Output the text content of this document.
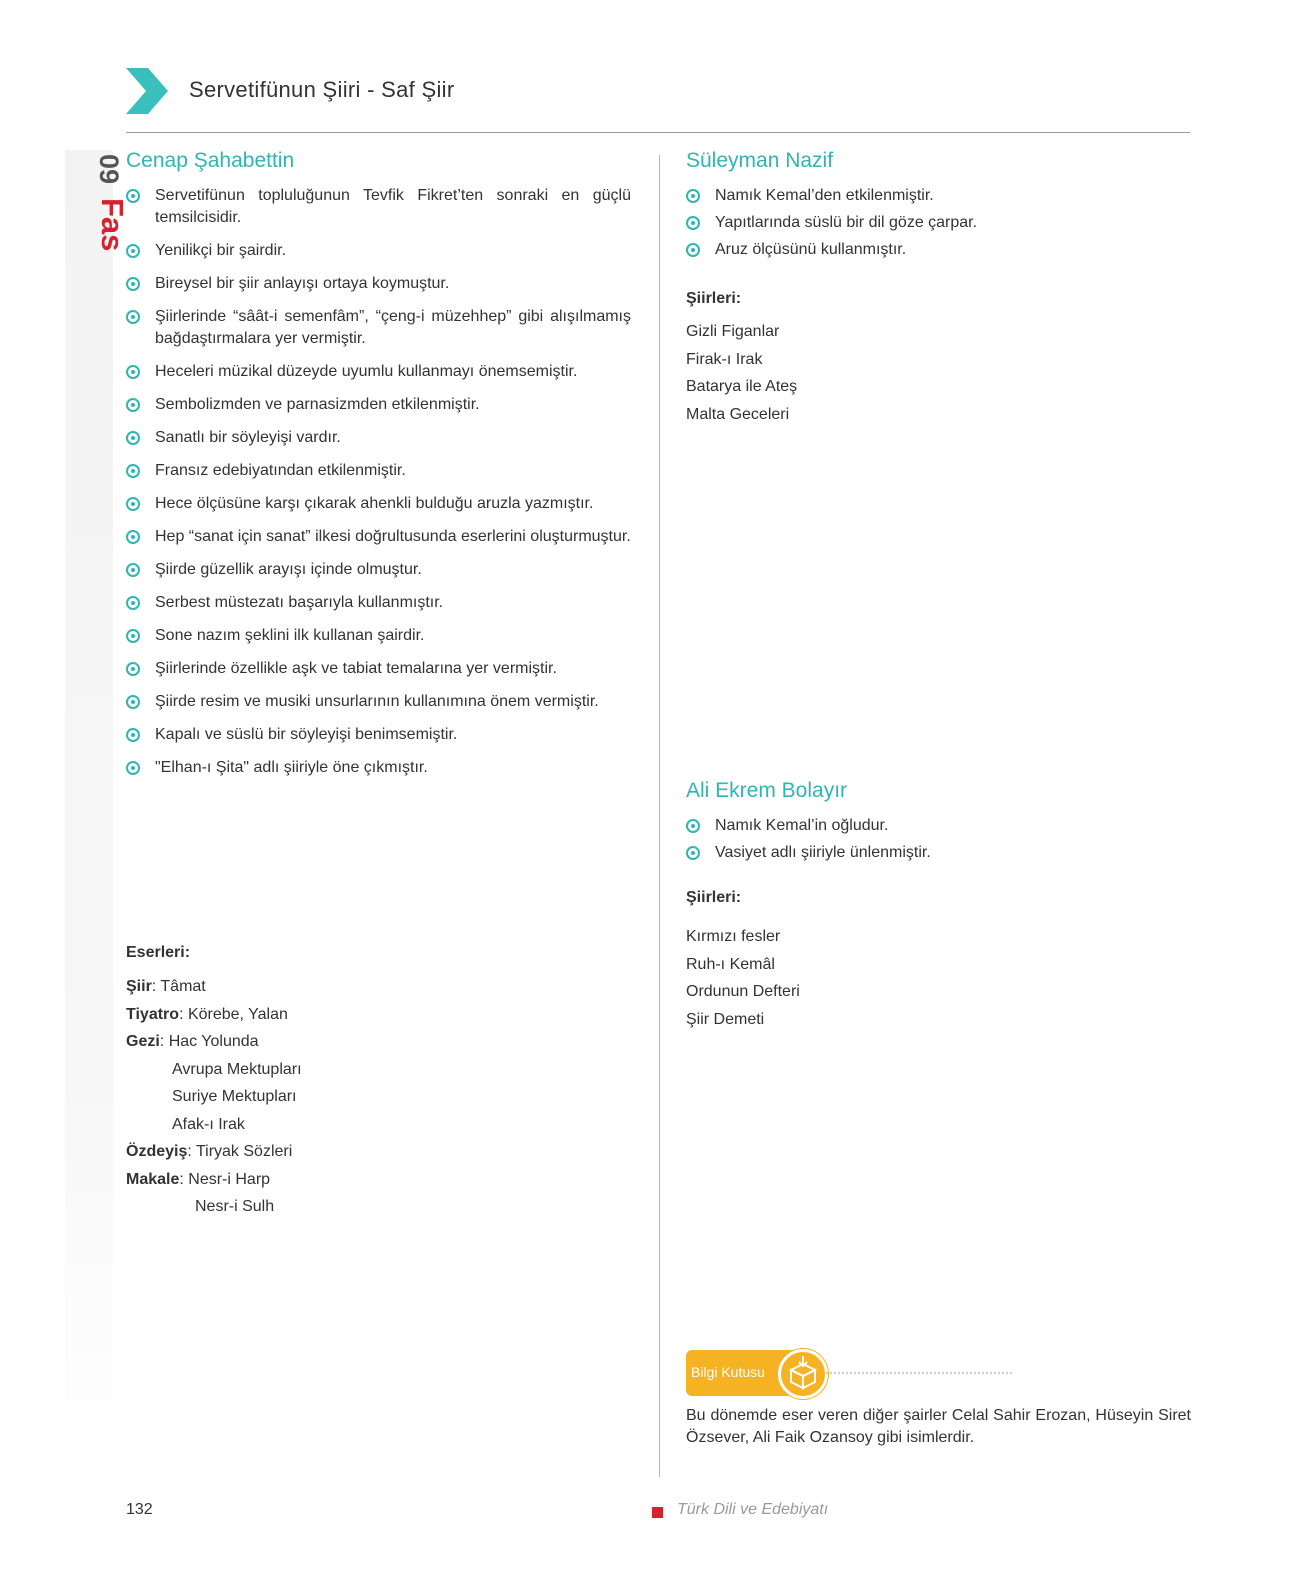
09
Fas
Servetifünun Şiiri - Saf Şiir
Cenap Şahabettin
Servetifünun topluluğunun Tevfik Fikret’ten sonraki en güçlü temsilcisidir.
Yenilikçi bir şairdir.
Bireysel bir şiir anlayışı ortaya koymuştur.
Şiirlerinde “sâât-i semenfâm”, “çeng-i müzehhep” gibi alışılmamış bağdaştırmalara yer vermiştir.
Heceleri müzikal düzeyde uyumlu kullanmayı önemsemiştir.
Sembolizmden ve parnasizmden etkilenmiştir.
Sanatlı bir söyleyişi vardır.
Fransız edebiyatından etkilenmiştir.
Hece ölçüsüne karşı çıkarak ahenkli bulduğu aruzla yazmıştır.
Hep “sanat için sanat” ilkesi doğrultusunda eserlerini oluşturmuştur.
Şiirde güzellik arayışı içinde olmuştur.
Serbest müstezatı başarıyla kullanmıştır.
Sone nazım şeklini ilk kullanan şairdir.
Şiirlerinde özellikle aşk ve tabiat temalarına yer vermiştir.
Şiirde resim ve musiki unsurlarının kullanımına önem vermiştir.
Kapalı ve süslü bir söyleyişi benimsemiştir.
"Elhan-ı Şita" adlı şiiriyle öne çıkmıştır.
Eserleri:
Şiir: Tâmat
Tiyatro: Körebe, Yalan
Gezi: Hac Yolunda
Avrupa Mektupları
Suriye Mektupları
Afak-ı Irak
Özdeyiş: Tiryak Sözleri
Makale: Nesr-i Harp
Nesr-i Sulh
Süleyman Nazif
Namık Kemal’den etkilenmiştir.
Yapıtlarında süslü bir dil göze çarpar.
Aruz ölçüsünü kullanmıştır.
Şiirleri:
Gizli Figanlar
Firak-ı Irak
Batarya ile Ateş
Malta Geceleri
Ali Ekrem Bolayır
Namık Kemal’in oğludur.
Vasiyet adlı şiiriyle ünlenmiştir.
Şiirleri:
Kırmızı fesler
Ruh-ı Kemâl
Ordunun Defteri
Şiir Demeti
Bilgi Kutusu
Bu dönemde eser veren diğer şairler Celal Sahir Erozan, Hüseyin Siret Özsever, Ali Faik Ozansoy gibi isimlerdir.
132	Türk Dili ve Edebiyatı
